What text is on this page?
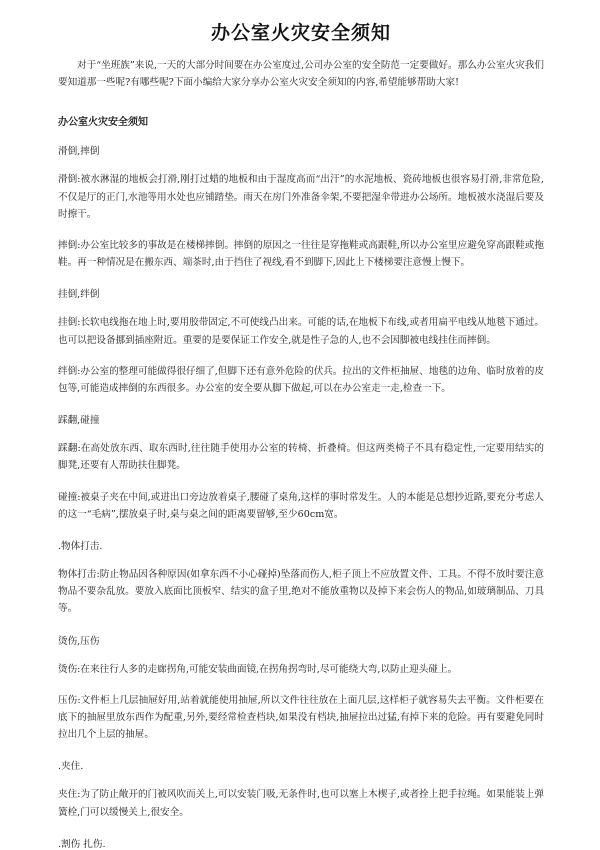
办公室火灾安全须知

对于“坐班族”来说,一天的大部分时间要在办公室度过,公司办公室的安全防范一定要做好。那么办公室火灾我们要知道那一些呢?有哪些呢?下面小编给大家分享办公室火灾安全须知的内容,希望能够帮助大家!

办公室火灾安全须知

滑倒,摔倒

滑倒:被水淋湿的地板会打滑,刚打过蜡的地板和由于湿度高而“出汗”的水泥地板、瓷砖地板也很容易打滑,非常危险,不仅是厅的正门,水池等用水处也应铺踏垫。雨天在房门外准备伞架,不要把湿伞带进办公场所。地板被水浇湿后要及时擦干。

摔倒:办公室比较多的事故是在楼梯摔倒。摔倒的原因之一往往是穿拖鞋或高跟鞋,所以办公室里应避免穿高跟鞋或拖鞋。再一种情况是在搬东西、端茶时,由于挡住了视线,看不到脚下,因此上下楼梯要注意慢上慢下。

挂倒,绊倒

挂倒:长软电线拖在地上时,要用胶带固定,不可使线凸出来。可能的话,在地板下布线,或者用扁平电线从地毯下通过。也可以把设备挪到插座附近。重要的是要保证工作安全,就是性子急的人,也不会因脚被电线挂住而摔倒。

绊倒:办公室的整理可能做得很仔细了,但脚下还有意外危险的伏兵。拉出的文件柜抽屉、地毯的边角、临时放着的皮包等,可能造成摔倒的东西很多。办公室的安全要从脚下做起,可以在办公室走一走,检查一下。

踩翻,碰撞

踩翻:在高处放东西、取东西时,往往随手使用办公室的转椅、折叠椅。但这两类椅子不具有稳定性,一定要用结实的脚凳,还要有人帮助扶住脚凳。

碰撞:被桌子夹在中间,或进出口旁边放着桌子,腰碰了桌角,这样的事时常发生。人的本能是总想抄近路,要充分考虑人的这一“毛病”,摆放桌子时,桌与桌之间的距离要留够,至少60cm宽。

.物体打击.

物体打击:防止物品因各种原因(如拿东西不小心碰掉)坠落而伤人,柜子顶上不应放置文件、工具。不得不放时要注意物品不要杂乱放。要放入底面比顶板窄、结实的盒子里,绝对不能放重物以及掉下来会伤人的物品,如玻璃制品、刀具等。

烫伤,压伤

烫伤:在来往行人多的走廊拐角,可能安装曲面镜,在拐角拐弯时,尽可能绕大弯,以防止迎头碰上。

压伤:文件柜上几层抽屉好用,站着就能使用抽屉,所以文件往往放在上面几层,这样柜子就容易失去平衡。文件柜要在底下的抽屉里放东西作为配重,另外,要经常检查档块,如果没有档块,抽屉拉出过猛,有掉下来的危险。再有要避免同时拉出几个上层的抽屉。

.夹住.

夹住:为了防止敞开的门被风吹而关上,可以安装门吸,无条件时,也可以塞上木楔子,或者拴上把手拉绳。如果能装上弹簧栓,门可以缓慢关上,很安全。

.割伤 扎伤.
